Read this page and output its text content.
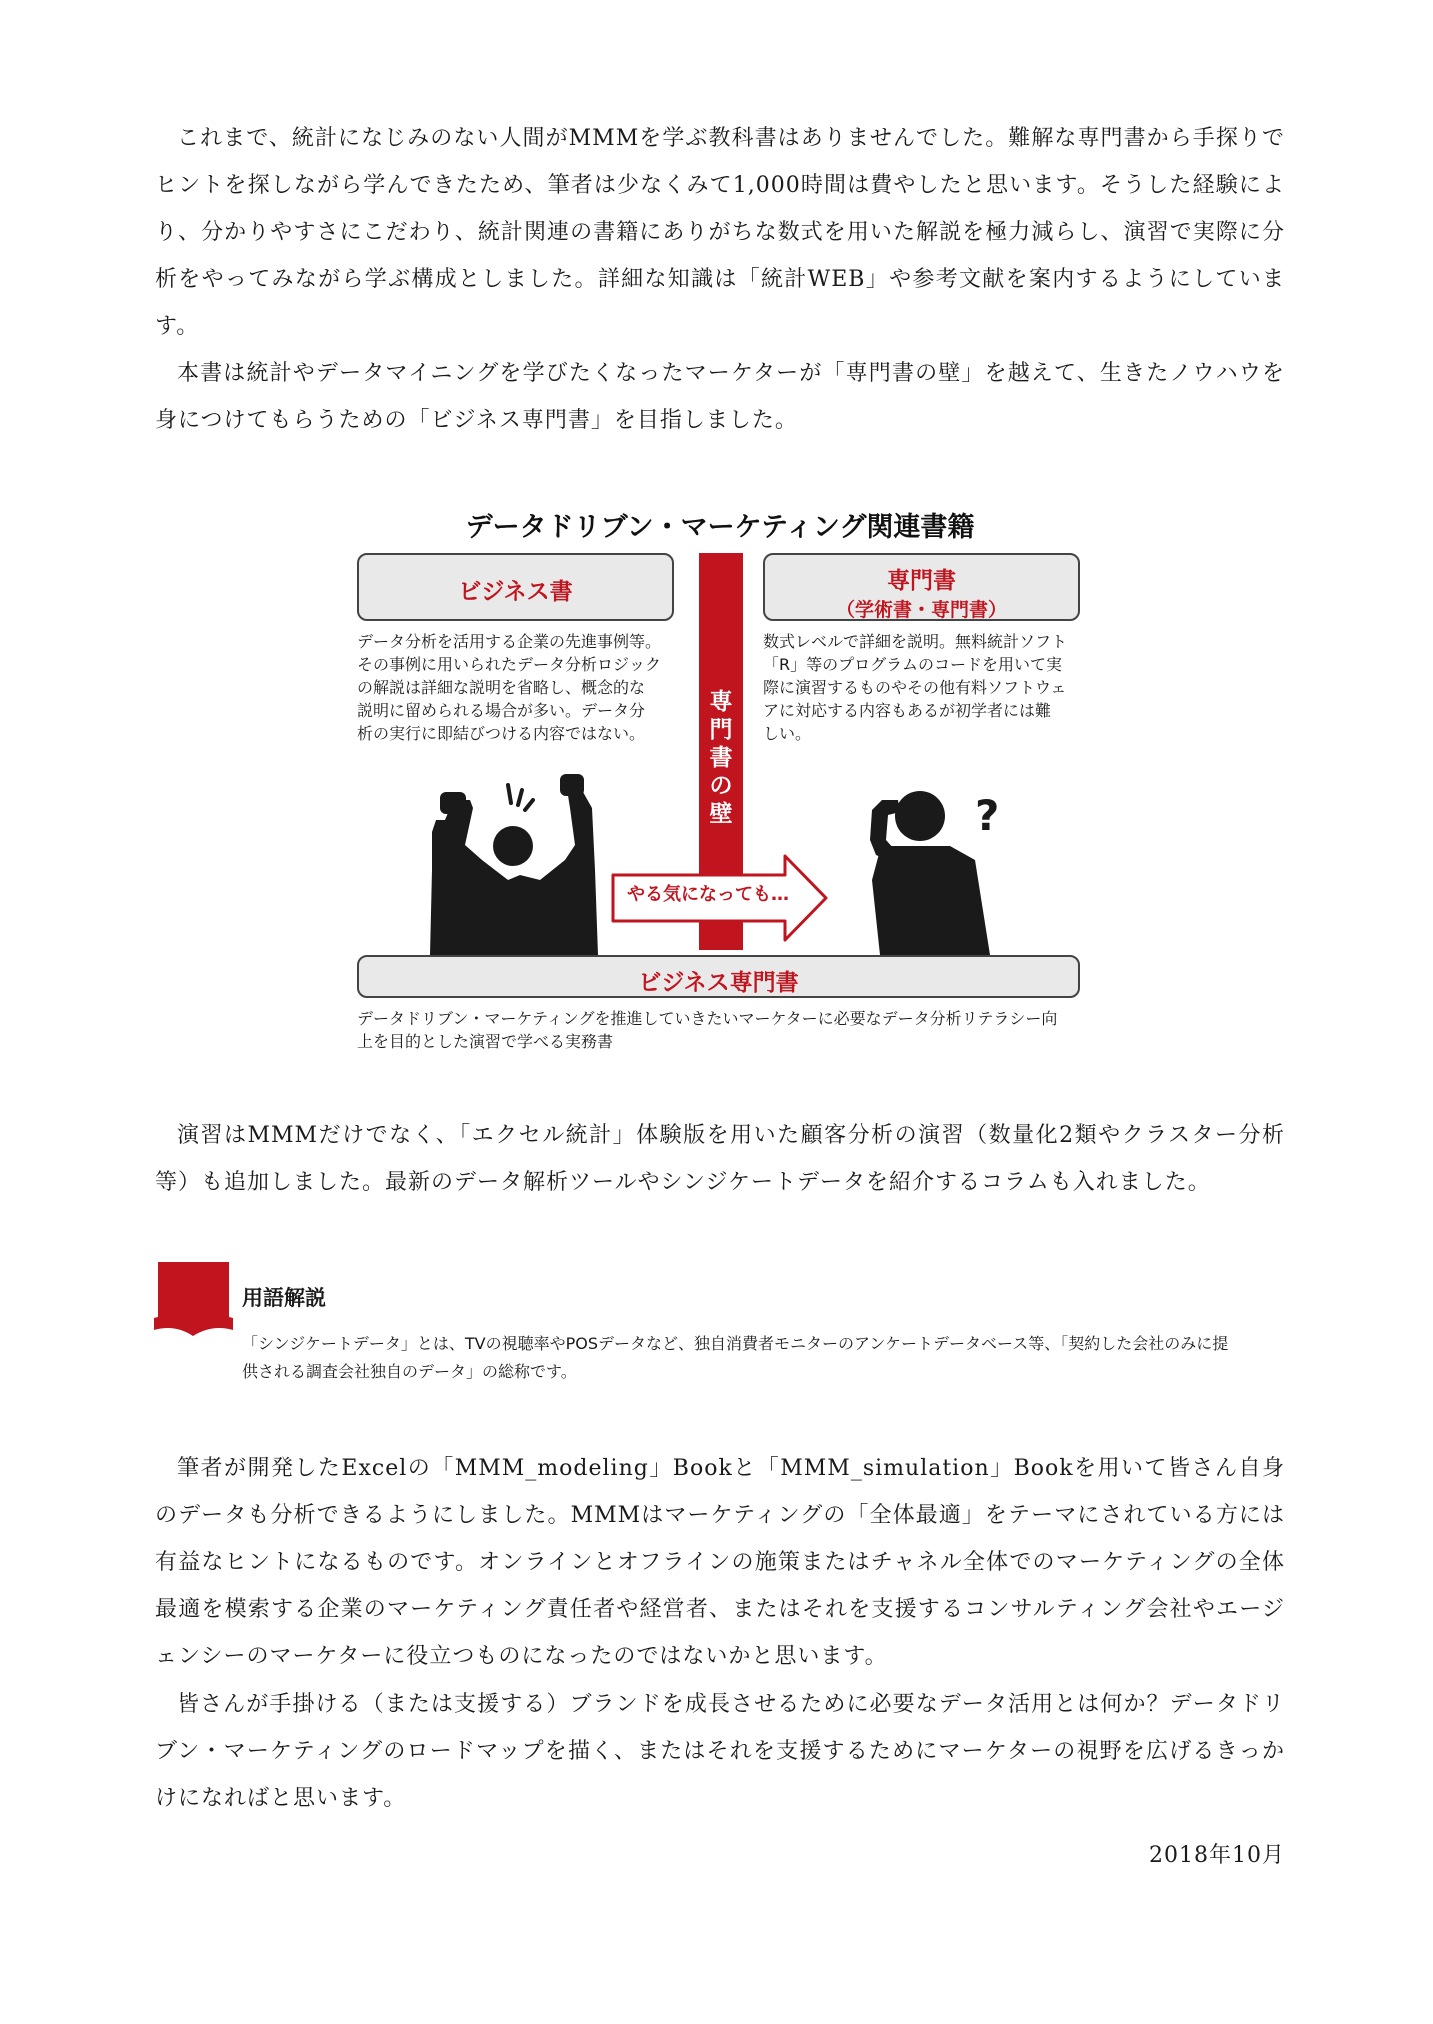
これまで、統計になじみのない人間がMMMを学ぶ教科書はありませんでした。難解な専門書から手探りでヒントを探しながら学んできたため、筆者は少なくみて1,000時間は費やしたと思います。そうした経験により、分かりやすさにこだわり、統計関連の書籍にありがちな数式を用いた解説を極力減らし、演習で実際に分析をやってみながら学ぶ構成としました。詳細な知識は「統計WEB」や参考文献を案内するようにしています。

本書は統計やデータマイニングを学びたくなったマーケターが「専門書の壁」を越えて、生きたノウハウを身につけてもらうための「ビジネス専門書」を目指しました。

データドリブン・マーケティング関連書籍
ビジネス書

データ分析を活用する企業の先進事例等。
その事例に用いられたデータ分析ロジック
の解説は詳細な説明を省略し、概念的な
説明に留められる場合が多い。データ分
析の実行に即結びつける内容ではない。

専門書
（学術書・専門書）

数式レベルで詳細を説明。無料統計ソフト
「R」等のプログラムのコードを用いて実
際に演習するものやその他有料ソフトウェ
アに対応する内容もあるが初学者には難
しい。

専
門
書
の
壁	?
やる気になっても…
ビジネス専門書

データドリブン・マーケティングを推進していきたいマーケターに必要なデータ分析リテラシー向
上を目的とした演習で学べる実務書

演習はMMMだけでなく、「エクセル統計」体験版を用いた顧客分析の演習（数量化2類やクラスター分析等）も追加しました。最新のデータ解析ツールやシンジケートデータを紹介するコラムも入れました。

用語解説

「シンジケートデータ」とは、TVの視聴率やPOSデータなど、独自消費者モニターのアンケートデータベース等、「契約した会社のみに提
供される調査会社独自のデータ」の総称です。

筆者が開発したExcelの「MMM_modeling」Bookと「MMM_simulation」Bookを用いて皆さん自身のデータも分析できるようにしました。MMMはマーケティングの「全体最適」をテーマにされている方には有益なヒントになるものです。オンラインとオフラインの施策またはチャネル全体でのマーケティングの全体最適を模索する企業のマーケティング責任者や経営者、またはそれを支援するコンサルティング会社やエージェンシーのマーケターに役立つものになったのではないかと思います。

皆さんが手掛ける（または支援する）ブランドを成長させるために必要なデータ活用とは何か？データドリブン・マーケティングのロードマップを描く、またはそれを支援するためにマーケターの視野を広げるきっかけになればと思います。

2018年10月
